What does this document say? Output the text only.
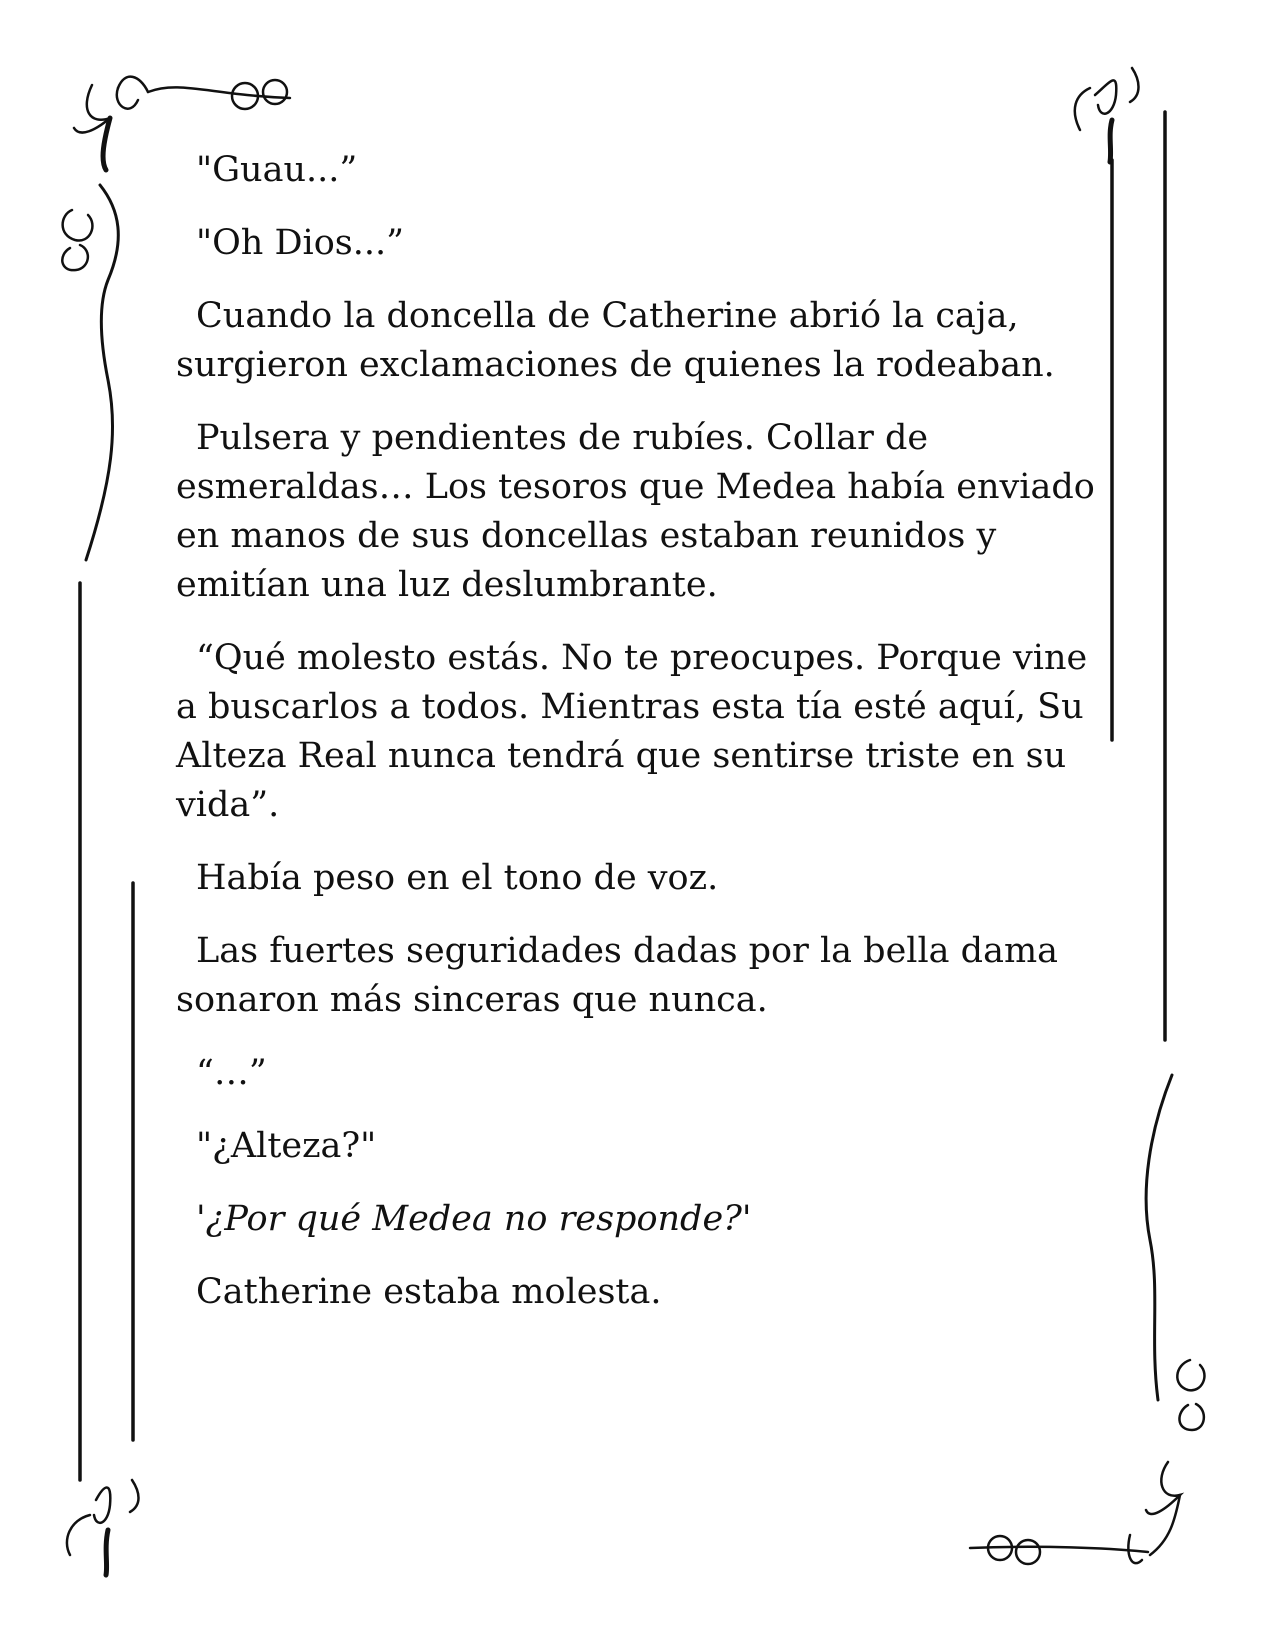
"Guau...”

"Oh Dios...”

Cuando la doncella de Catherine abrió la caja, surgieron exclamaciones de quienes la rodeaban.

Pulsera y pendientes de rubíes. Collar de esmeraldas… Los tesoros que Medea había enviado en manos de sus doncellas estaban reunidos y emitían una luz deslumbrante.

“Qué molesto estás. No te preocupes. Porque vine a buscarlos a todos. Mientras esta tía esté aquí, Su Alteza Real nunca tendrá que sentirse triste en su vida”.

Había peso en el tono de voz.

Las fuertes seguridades dadas por la bella dama sonaron más sinceras que nunca.

“…”

"¿Alteza?"

'¿Por qué Medea no responde?'

Catherine estaba molesta.
